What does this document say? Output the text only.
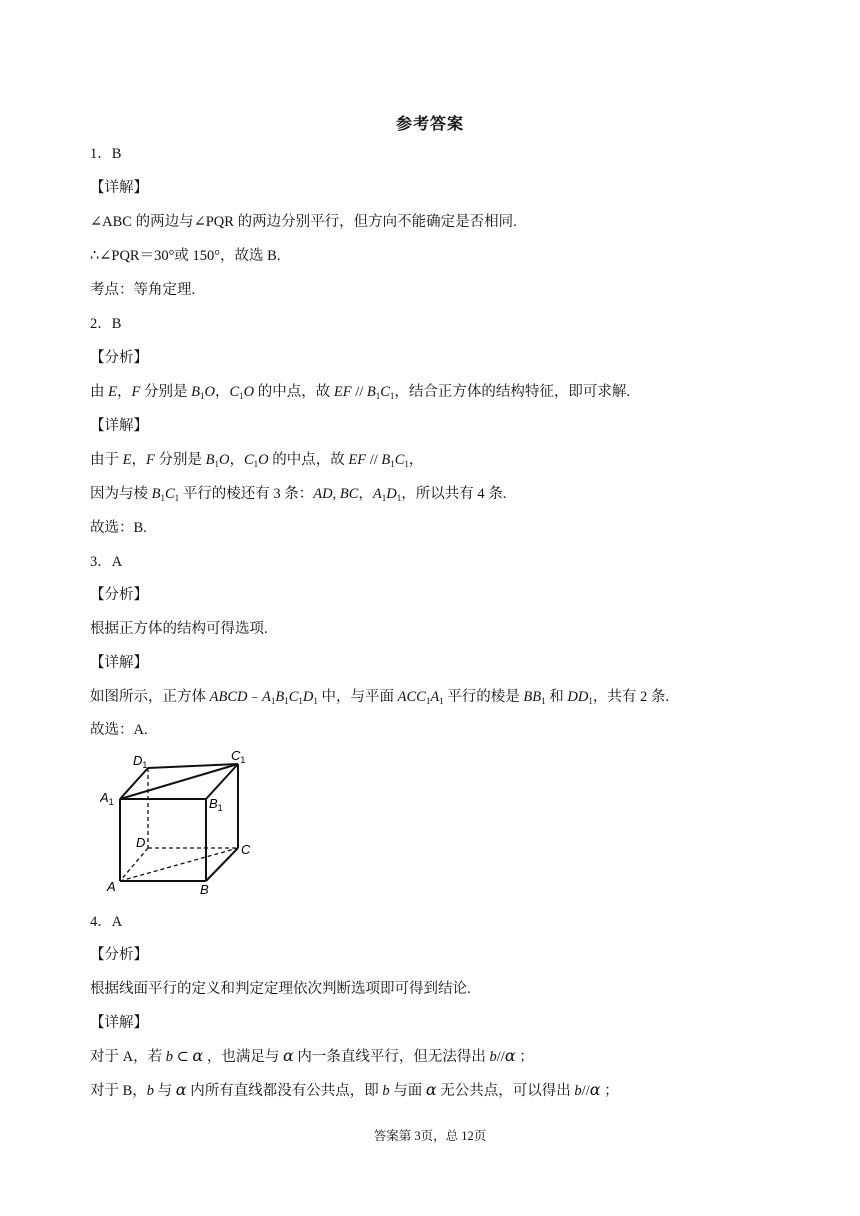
参考答案
1．B
【详解】
∠ABC 的两边与∠PQR 的两边分别平行，但方向不能确定是否相同.
∴∠PQR＝30°或 150°，故选 B.
考点：等角定理.
2．B
【分析】
由 E，F 分别是 $B_1O$，$C_1O$ 的中点，故 EF // $B_1C_1$，结合正方体的结构特征，即可求解.
【详解】
由于 E，F 分别是 $B_1O$，$C_1O$ 的中点，故 EF // $B_1C_1$，
因为与棱 $B_1C_1$ 平行的棱还有 3 条：AD, BC，$A_1D_1$，所以共有 4 条.
故选：B.
3．A
【分析】
根据正方体的结构可得选项.
【详解】
如图所示，正方体 $ABCD﹣A_1B_1C_1D_1$ 中，与平面 $ACC_1A_1$ 平行的棱是 $BB_1$ 和 $DD_1$，共有 2 条.
故选：A.
$D_1$
$C_1$
$A_1$	$B_1$
D	C
A	B
4．A
【分析】
根据线面平行的定义和判定定理依次判断选项即可得到结论.
【详解】
对于 A，若 b ⊂ α ，也满足与 α 内一条直线平行，但无法得出 b//α ；
对于 B，b 与 α 内所有直线都没有公共点，即 b 与面 α 无公共点，可以得出 b//α ；
答案第 3页，总 12页
